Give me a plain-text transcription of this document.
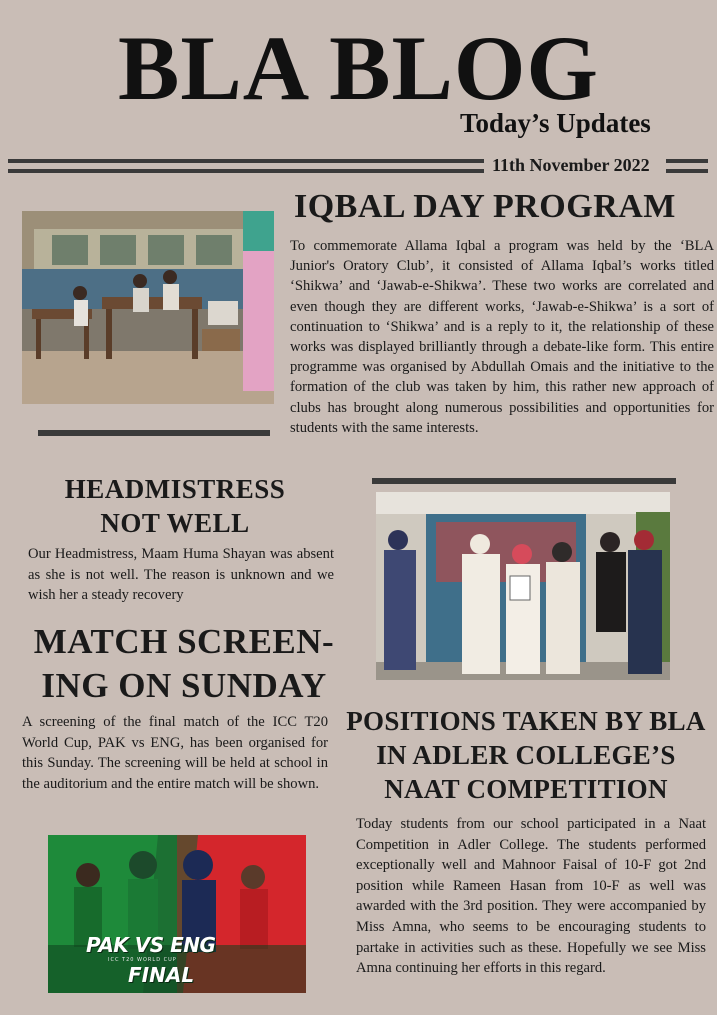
BLA BLOG
Today’s Updates
11th November 2022
IQBAL DAY PROGRAM

To commemorate Allama Iqbal a program was held by the ‘BLA Junior's Oratory Club’, it consisted of Allama Iqbal’s works titled ‘Shikwa’ and ‘Jawab-e-Shikwa’. These two works are correlated and even though they are different works, ‘Jawab-e-Shikwa’ is a sort of continuation to ‘Shikwa’ and is a reply to it, the relationship of these works was displayed brilliantly through a debate-like form. This entire programme was organised by Abdullah Omais and the initiative to the formation of the club was taken by him, this rather new approach of clubs has brought along numerous possibilities and opportunities for students with the same interests.

HEADMISTRESS
NOT WELL

Our Headmistress, Maam Huma Shayan was absent as she is not well. The reason is unknown and we wish her a steady recovery

MATCH SCREEN-
ING ON SUNDAY

A screening of the final match of the ICC T20 World Cup, PAK vs ENG, has been organised for this Sunday. The screening will be held at school in the auditorium and the entire match will be shown.

PAK VS ENG
ICC T20 WORLD CUP
FINAL
POSITIONS TAKEN BY BLA
IN ADLER COLLEGE’S
NAAT COMPETITION

Today students from our school participated in a Naat Competition in Adler College. The students performed exceptionally well and Mahnoor Faisal of 10-F got 2nd position while Rameen Hasan from 10-F as well was awarded with the 3rd position. They were accompanied by Miss Amna, who seems to be encouraging students to partake in activities such as these. Hopefully we see Miss Amna continuing her efforts in this regard.
